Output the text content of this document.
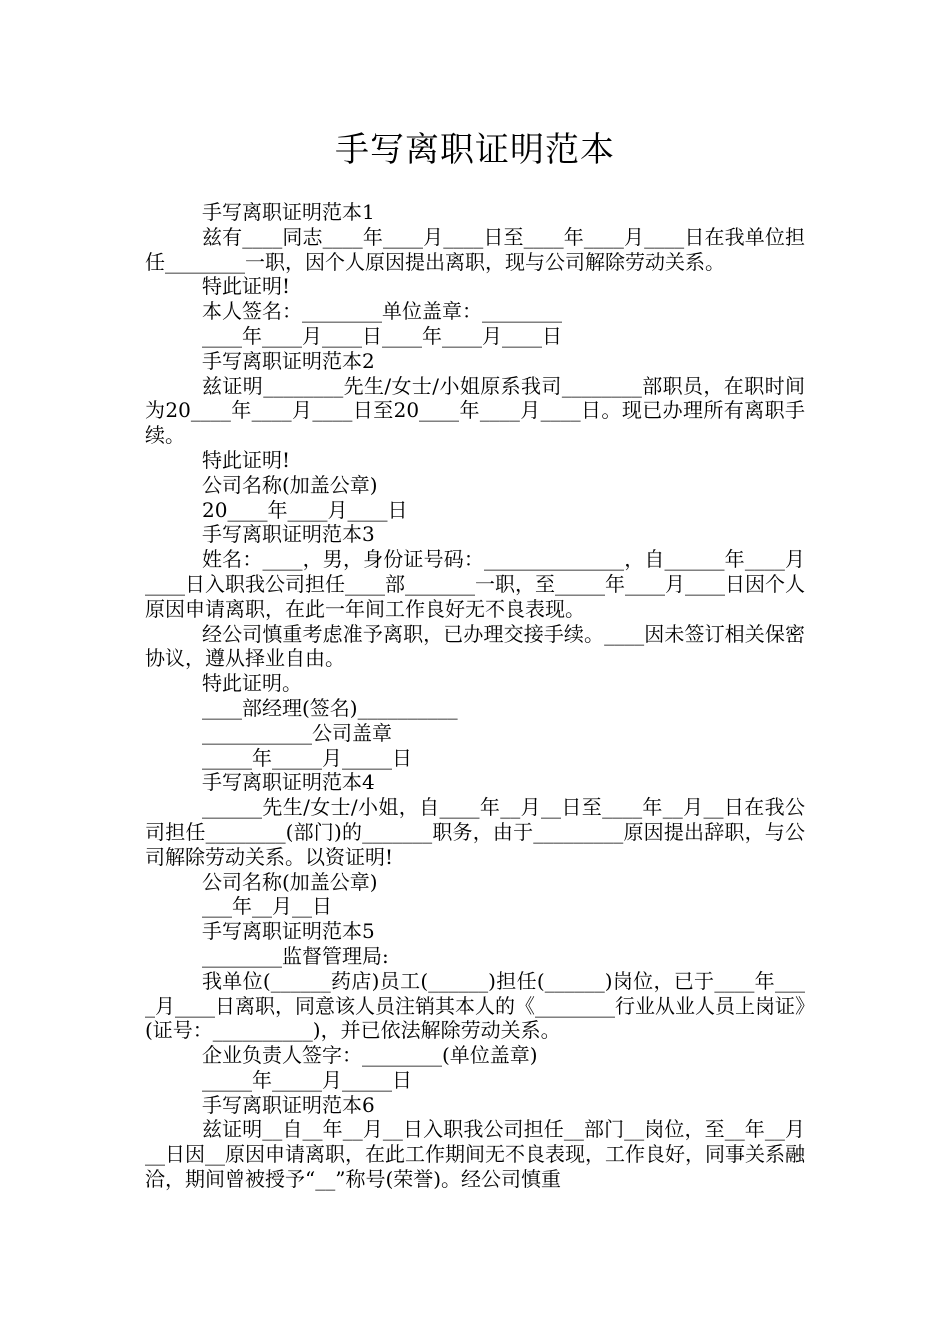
手写离职证明范本

手写离职证明范本1

兹有____同志____年____月____日至____年____月____日在我单位担任________一职，因个人原因提出离职，现与公司解除劳动关系。

特此证明!

本人签名：________单位盖章：________

____年____月____日____年____月____日

手写离职证明范本2

兹证明________先生/女士/小姐原系我司________部职员，在职时间为20____年____月____日至20____年____月____日。现已办理所有离职手续。

特此证明!

公司名称(加盖公章)

20____年____月____日

手写离职证明范本3

姓名：____，男，身份证号码：______________，自______年____月____日入职我公司担任____部_______一职，至_____年____月____日因个人原因申请离职，在此一年间工作良好无不良表现。

经公司慎重考虑准予离职，已办理交接手续。____因未签订相关保密协议，遵从择业自由。

特此证明。

____部经理(签名)__________

___________公司盖章

_____年_____月_____日

手写离职证明范本4

______先生/女士/小姐，自____年__月__日至____年__月__日在我公司担任________(部门)的_______职务，由于_________原因提出辞职，与公司解除劳动关系。以资证明!

公司名称(加盖公章)

___年__月__日

手写离职证明范本5

________监督管理局:

我单位(______药店)员工(______)担任(______)岗位，已于____年____月____日离职，同意该人员注销其本人的《________行业从业人员上岗证》(证号：__________)，并已依法解除劳动关系。

企业负责人签字：________(单位盖章)

_____年_____月_____日

手写离职证明范本6

兹证明__自__年__月__日入职我公司担任__部门__岗位，至__年__月__日因__原因申请离职，在此工作期间无不良表现，工作良好，同事关系融洽，期间曾被授予“__”称号(荣誉)。经公司慎重
